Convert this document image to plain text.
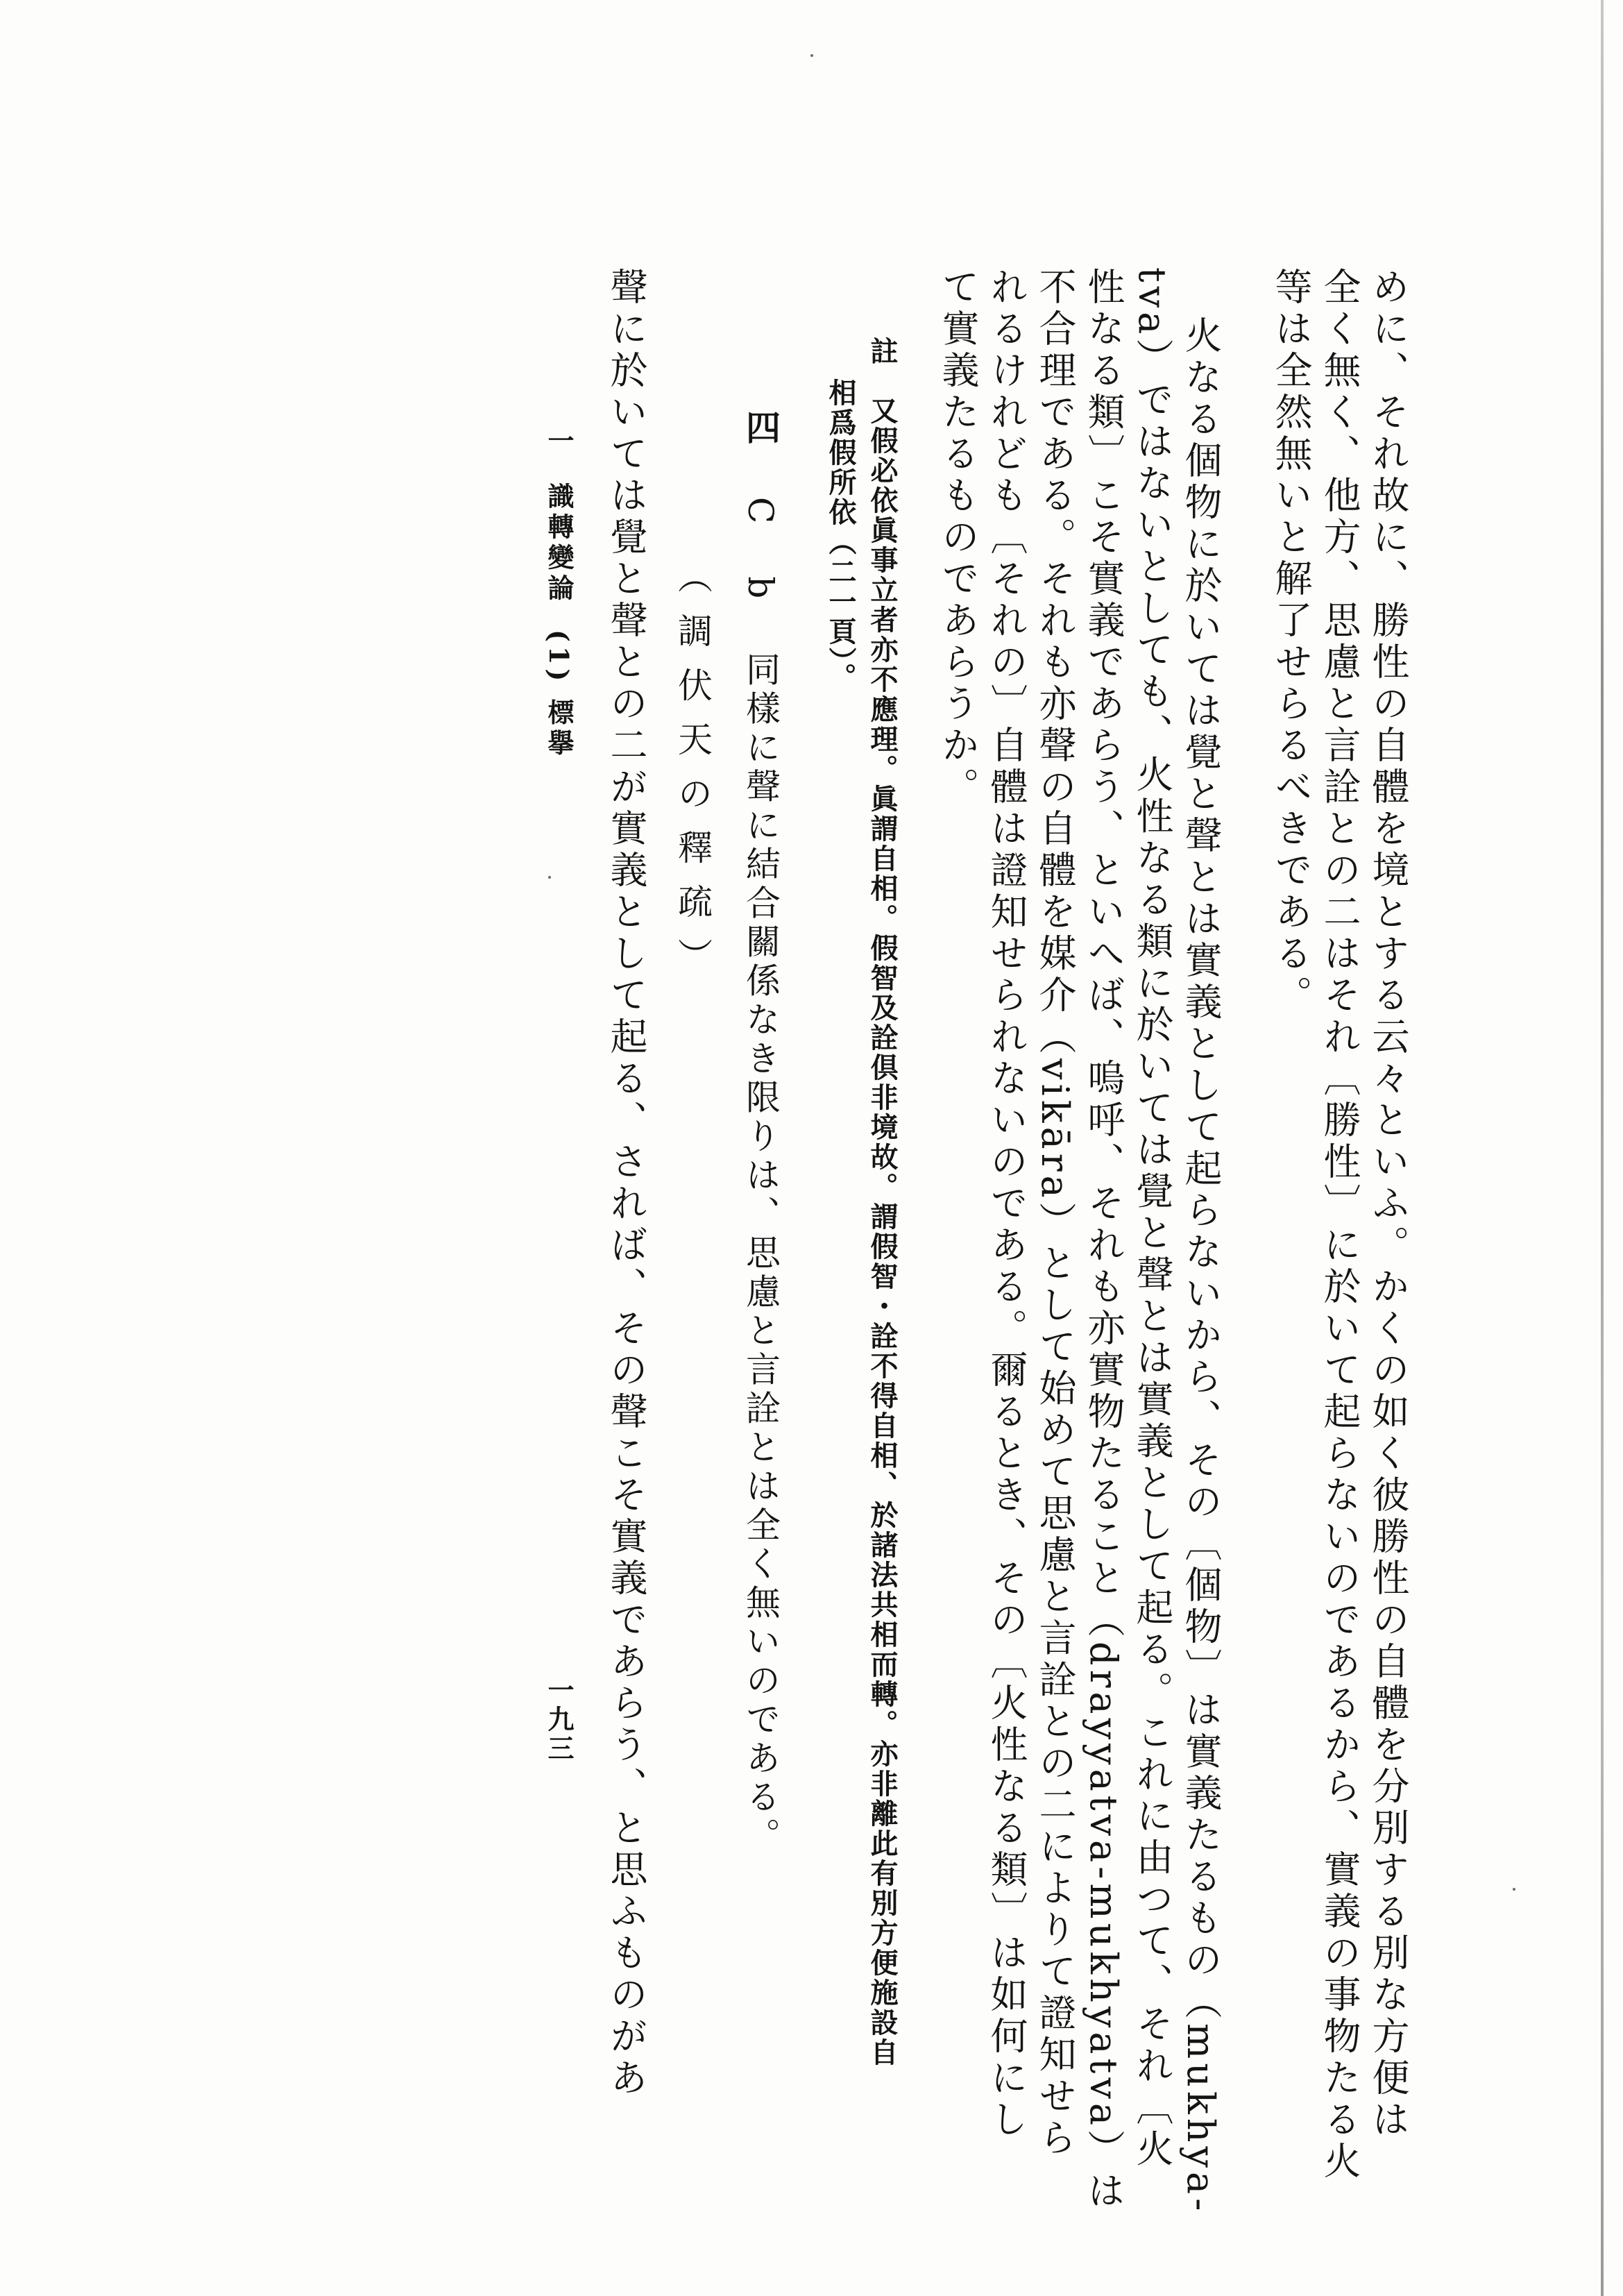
めに、それ故に、勝性の自體を境とする云々といふ。かくの如く彼勝性の自體を分別する別な方便は
全く無く、他方、思慮と言詮との二はそれ〔勝性〕に於いて起らないのであるから、實義の事物たる火
等は全然無いと解了せらるべきである。
火なる個物に於いては覺と聲とは實義として起らないから、その〔個物〕は實義たるもの（mukhya-
tva）ではないとしても、火性なる類に於いては覺と聲とは實義として起る。これに由つて、それ〔火
性なる類〕こそ實義であらう、といへば、嗚呼、それも亦實物たること（drayyatva-mukhyatva）は
不合理である。それも亦聲の自體を媒介（vikāra）として始めて思慮と言詮との二によりて證知せら
れるけれども〔それの〕自體は證知せられないのである。爾るとき、その〔火性なる類〕は如何にし
て實義たるものであらうか。
註　又假必依眞事立者亦不應理。眞謂自相。假智及詮倶非境故。謂假智・詮不得自相、於諸法共相而轉。亦非離此有別方便施設自
相爲假所依（二一頁）。
四Cb同樣に聲に結合關係なき限りは、思慮と言詮とは全く無いのである。
（調伏天の釋疏）
聲に於いては覺と聲との二が實義として起る、されば、その聲こそ實義であらう、と思ふものがあ
一識轉變論(1) 標擧
一九三
